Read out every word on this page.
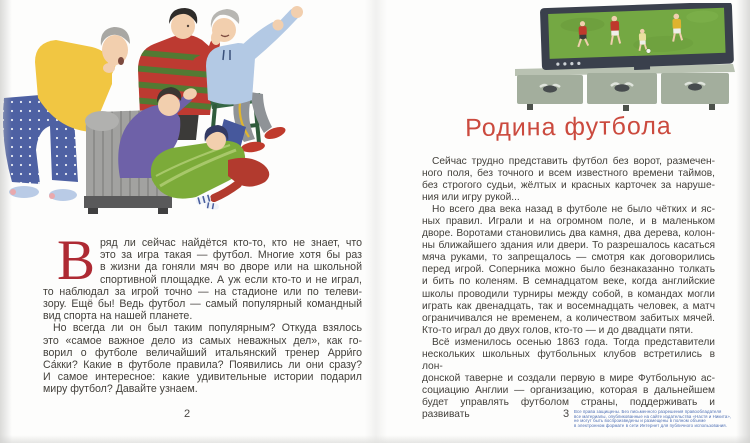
В ряд ли сейчас найдётся кто-то, кто не знает, что
это за игра такая — футбол. Многие хотя бы раз
в жизни да гоняли мяч во дворе или на школьной
спортивной площадке. А уж если кто-то и не играл,
то наблюдал за игрой точно — на стадионе или по телеви-
зору. Ещё бы! Ведь футбол — самый популярный командный
вид спорта на нашей планете.
Но всегда ли он был таким популярным? Откуда взялось
это «самое важное дело из самых неважных дел», как го-
ворил о футболе величайший итальянский тренер Арри́го
Са́кки? Какие в футболе правила? Появились ли они сразу?
И самое интересное: какие удивительные истории подарил
миру футбол? Давайте узнаем.
2
Родина футбола
Сейчас трудно представить футбол без ворот, размечен-
ного поля, без точного и всем известного времени таймов,
без строгого судьи, жёлтых и красных карточек за наруше-
ния или игру рукой...
Но всего два века назад в футболе не было чётких и яс-
ных правил. Играли и на огромном поле, и в маленьком
дворе. Воротами становились два камня, два дерева, колон-
ны ближайшего здания или двери. То разрешалось касаться
мяча руками, то запрещалось — смотря как договорились
перед игрой. Соперника можно было безнаказанно толкать
и бить по коленям. В семнадцатом веке, когда английские
школы проводили турниры между собой, в командах могли
играть как двенадцать, так и восемнадцать человек, а матч
ограничивался не временем, а количеством забитых мячей.
Кто-то играл до двух голов, кто-то — и до двадцати пяти.
Всё изменилось осенью 1863 года. Тогда представители
нескольких школьных футбольных клубов встретились в лон-
донской таверне и создали первую в мире Футбольную ас-
социацию Англии — организацию, которая в дальнейшем
будет управлять футболом страны, поддерживать и развивать	3	Все права защищены. Без письменного разрешения правообладателя
все материалы, опубликованные на сайте издательства «Настя и Никита»,
не могут быть воспроизведены и размещены в полном объеме
в электронном формате в сети Интернет для публичного использования.
